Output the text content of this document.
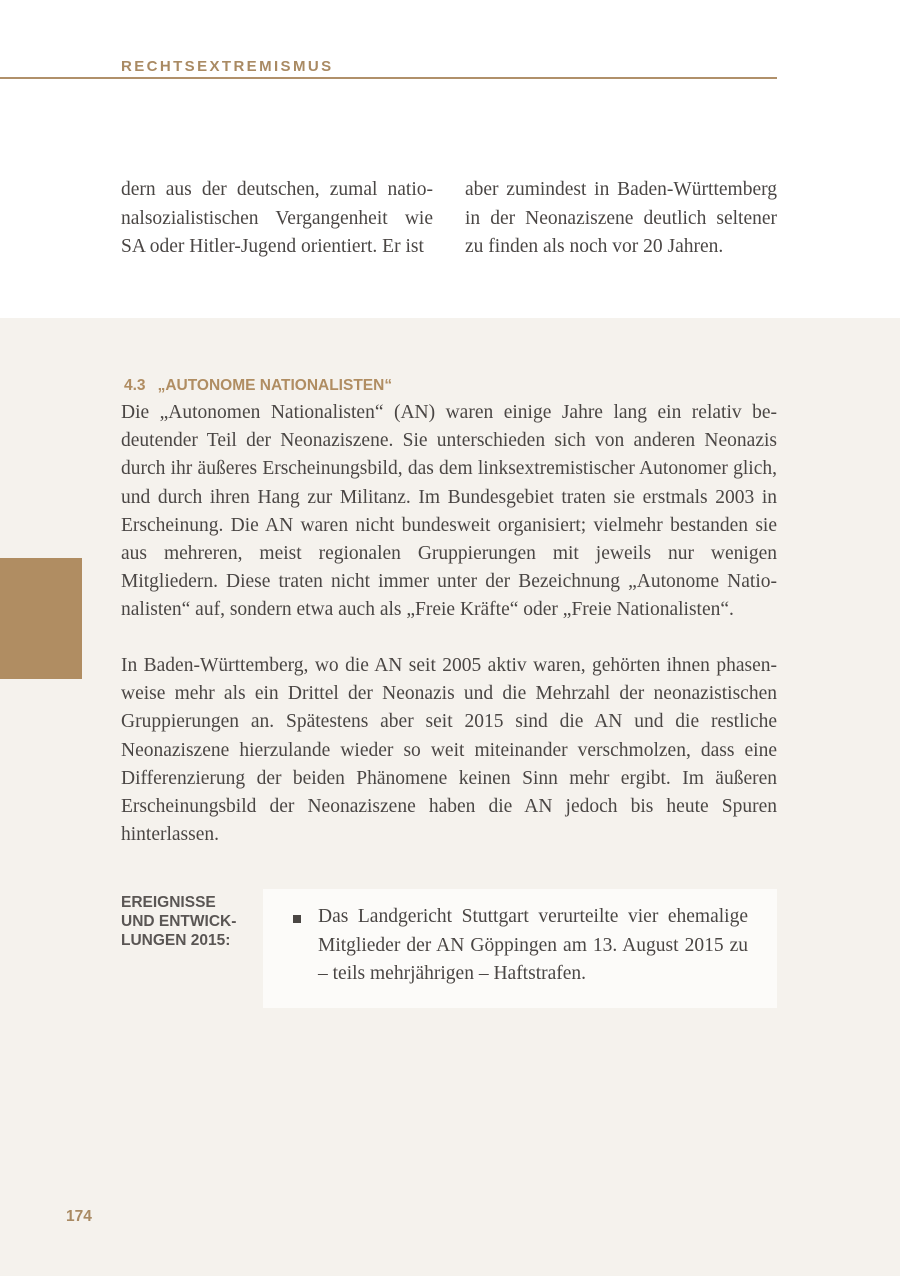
RECHTSEXTREMISMUS

dern aus der deutschen, zumal nationalsozialistischen Vergangenheit wie SA oder Hitler-Jugend orientiert. Er ist

aber zumindest in Baden-Württemberg in der Neonaziszene deutlich seltener zu finden als noch vor 20 Jahren.

4.3 „AUTONOME NATIONALISTEN“

Die „Autonomen Nationalisten“ (AN) waren einige Jahre lang ein relativ bedeutender Teil der Neonaziszene. Sie unterschieden sich von anderen Neonazis durch ihr äußeres Erscheinungsbild, das dem linksextremistischer Autonomer glich, und durch ihren Hang zur Militanz. Im Bundesgebiet traten sie erstmals 2003 in Erscheinung. Die AN waren nicht bundesweit organisiert; vielmehr bestanden sie aus mehreren, meist regionalen Gruppierungen mit jeweils nur wenigen Mitgliedern. Diese traten nicht immer unter der Bezeichnung „Autonome Nationalisten“ auf, sondern etwa auch als „Freie Kräfte“ oder „Freie Nationalisten“.

In Baden-Württemberg, wo die AN seit 2005 aktiv waren, gehörten ihnen phasenweise mehr als ein Drittel der Neonazis und die Mehrzahl der neonazistischen Gruppierungen an. Spätestens aber seit 2015 sind die AN und die restliche Neonaziszene hierzulande wieder so weit miteinander verschmolzen, dass eine Differenzierung der beiden Phänomene keinen Sinn mehr ergibt. Im äußeren Erscheinungsbild der Neonaziszene haben die AN jedoch bis heute Spuren hinterlassen.

EREIGNISSE
UND ENTWICK-
LUNGEN 2015:

Das Landgericht Stuttgart verurteilte vier ehemalige Mitglieder der AN Göppingen am 13. August 2015 zu – teils mehrjährigen – Haftstrafen.

174
